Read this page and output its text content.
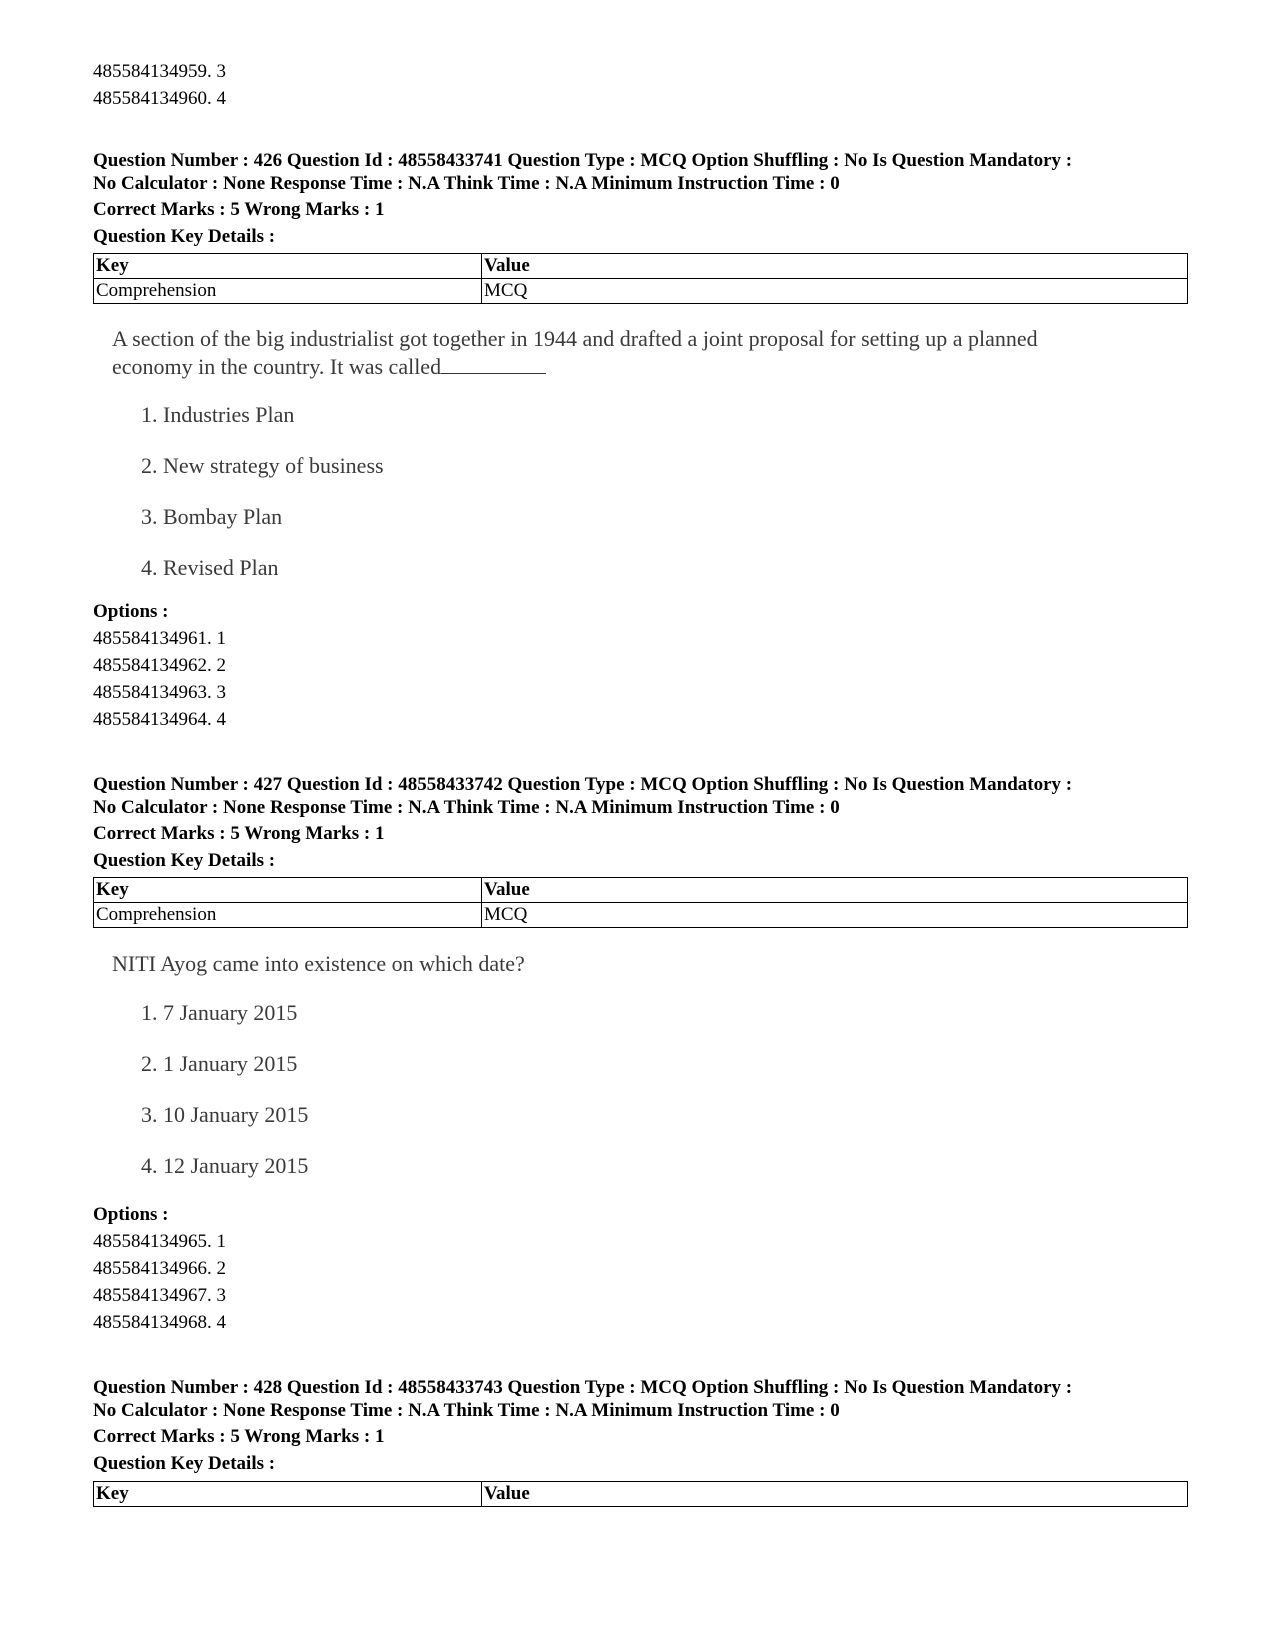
485584134959. 3
485584134960. 4
Question Number : 426 Question Id : 48558433741 Question Type : MCQ Option Shuffling : No Is Question Mandatory :
No Calculator : None Response Time : N.A Think Time : N.A Minimum Instruction Time : 0
Correct Marks : 5 Wrong Marks : 1
Question Key Details :
Key	Value
Comprehension	MCQ
A section of the big industrialist got together in 1944 and drafted a joint proposal for setting up a planned
economy in the country. It was called
1. Industries Plan
2. New strategy of business
3. Bombay Plan
4. Revised Plan
Options :
485584134961. 1
485584134962. 2
485584134963. 3
485584134964. 4
Question Number : 427 Question Id : 48558433742 Question Type : MCQ Option Shuffling : No Is Question Mandatory :
No Calculator : None Response Time : N.A Think Time : N.A Minimum Instruction Time : 0
Correct Marks : 5 Wrong Marks : 1
Question Key Details :
Key	Value
Comprehension	MCQ
NITI Ayog came into existence on which date?
1. 7 January 2015
2. 1 January 2015
3. 10 January 2015
4. 12 January 2015
Options :
485584134965. 1
485584134966. 2
485584134967. 3
485584134968. 4
Question Number : 428 Question Id : 48558433743 Question Type : MCQ Option Shuffling : No Is Question Mandatory :
No Calculator : None Response Time : N.A Think Time : N.A Minimum Instruction Time : 0
Correct Marks : 5 Wrong Marks : 1
Question Key Details :
Key	Value
